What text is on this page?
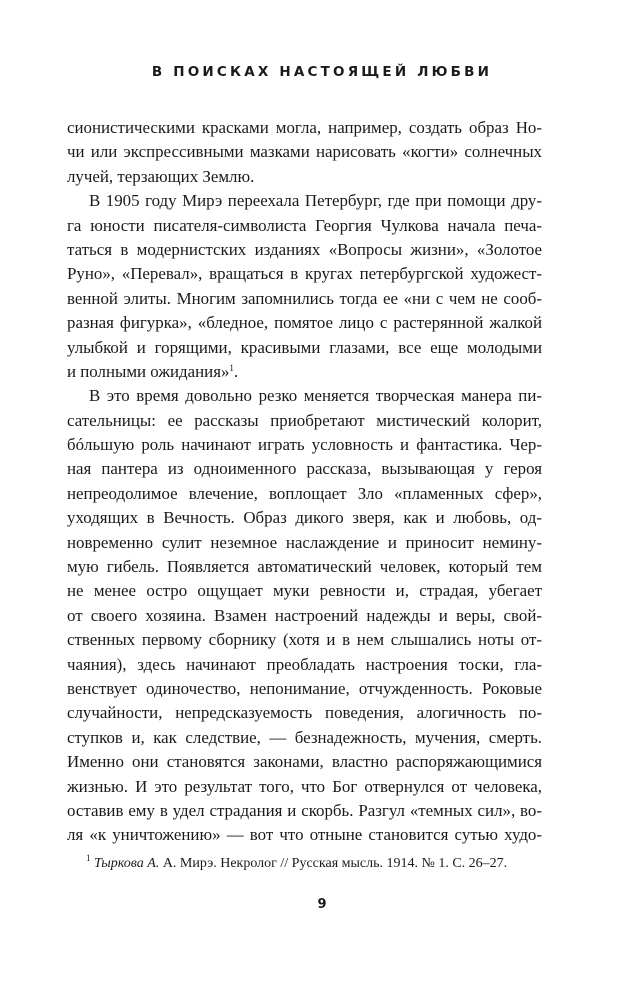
В ПОИСКАХ НАСТОЯЩЕЙ ЛЮБВИ
сионистическими красками могла, например, создать образ Но-
чи или экспрессивными мазками нарисовать «когти» солнечных
лучей, терзающих Землю.
В 1905 году Мирэ переехала Петербург, где при помощи дру-
га юности писателя-символиста Георгия Чулкова начала печа-
таться в модернистских изданиях «Вопросы жизни», «Золотое
Руно», «Перевал», вращаться в кругах петербургской художест-
венной элиты. Многим запомнились тогда ее «ни с чем не сооб-
разная фигурка», «бледное, помятое лицо с растерянной жалкой
улыбкой и горящими, красивыми глазами, все еще молодыми
и полными ожидания»$^1$.
В это время довольно резко меняется творческая манера пи-
сательницы: ее рассказы приобретают мистический колорит,
бóльшую роль начинают играть условность и фантастика. Чер-
ная пантера из одноименного рассказа, вызывающая у героя
непреодолимое влечение, воплощает Зло «пламенных сфер»,
уходящих в Вечность. Образ дикого зверя, как и любовь, од-
новременно сулит неземное наслаждение и приносит немину-
мую гибель. Появляется автоматический человек, который тем
не менее остро ощущает муки ревности и, страдая, убегает
от своего хозяина. Взамен настроений надежды и веры, свой-
ственных первому сборнику (хотя и в нем слышались ноты от-
чаяния), здесь начинают преобладать настроения тоски, гла-
венствует одиночество, непонимание, отчужденность. Роковые
случайности, непредсказуемость поведения, алогичность по-
ступков и, как следствие, — безнадежность, мучения, смерть.
Именно они становятся законами, властно распоряжающимися
жизнью. И это результат того, что Бог отвернулся от человека,
оставив ему в удел страдания и скорбь. Разгул «темных сил», во-
ля «к уничтожению» — вот что отныне становится сутью худо-
$^1$ Тыркова А. А. Мирэ. Некролог // Русская мысль. 1914. № 1. С. 26–27.
9
